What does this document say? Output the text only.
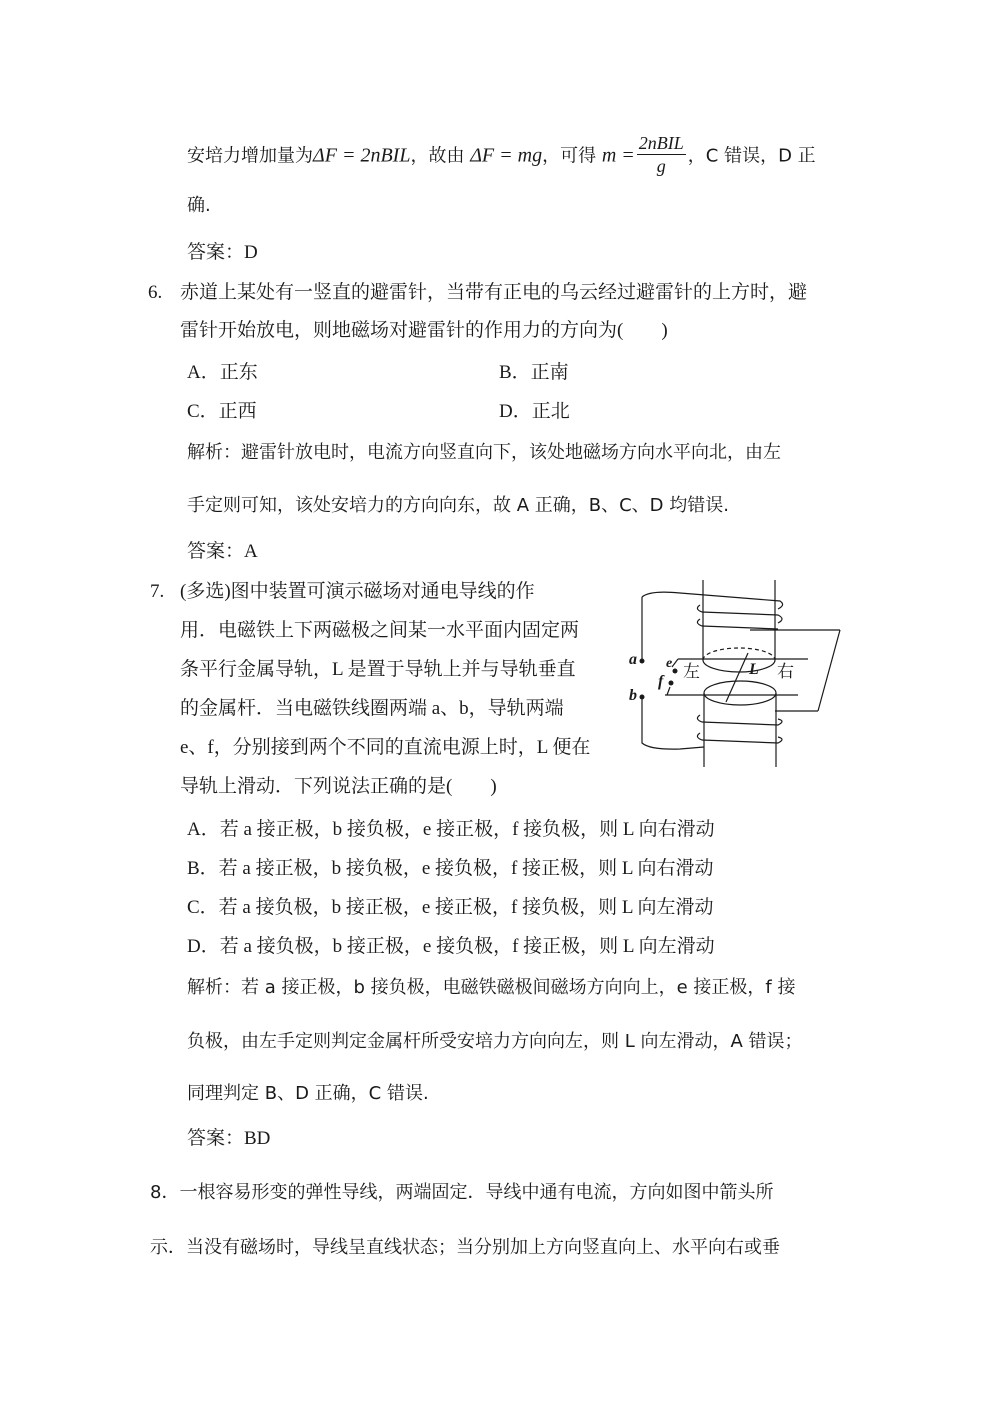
安培力增加量为ΔF = 2nBIL，故由 ΔF = mg，可得 $m = \frac{\text{2nBIL}}{g}$ ，C 错误，D 正
确.
答案：D
6. 赤道上某处有一竖直的避雷针，当带有正电的乌云经过避雷针的上方时，避
雷针开始放电，则地磁场对避雷针的作用力的方向为(　　)
A．正东	B．正南
C．正西	D．正北
解析：避雷针放电时，电流方向竖直向下，该处地磁场方向水平向北，由左
手定则可知，该处安培力的方向向东，故 A 正确，B、C、D 均错误.
答案：A
7. (多选)图中装置可演示磁场对通电导线的作
用．电磁铁上下两磁极之间某一水平面内固定两
条平行金属导轨，L 是置于导轨上并与导轨垂直
的金属杆．当电磁铁线圈两端 a、b，导轨两端
e、f，分别接到两个不同的直流电源上时，L 便在
导轨上滑动．下列说法正确的是(　　)
a
b
e
f
左	L 右
A．若 a 接正极，b 接负极，e 接正极，f 接负极，则 L 向右滑动
B．若 a 接正极，b 接负极，e 接负极，f 接正极，则 L 向右滑动
C．若 a 接负极，b 接正极，e 接正极，f 接负极，则 L 向左滑动
D．若 a 接负极，b 接正极，e 接负极，f 接正极，则 L 向左滑动
解析：若 a 接正极，b 接负极，电磁铁磁极间磁场方向向上，e 接正极，f 接
负极，由左手定则判定金属杆所受安培力方向向左，则 L 向左滑动，A 错误；
同理判定 B、D 正确，C 错误.
答案：BD
8．一根容易形变的弹性导线，两端固定．导线中通有电流，方向如图中箭头所
示．当没有磁场时，导线呈直线状态；当分别加上方向竖直向上、水平向右或垂
